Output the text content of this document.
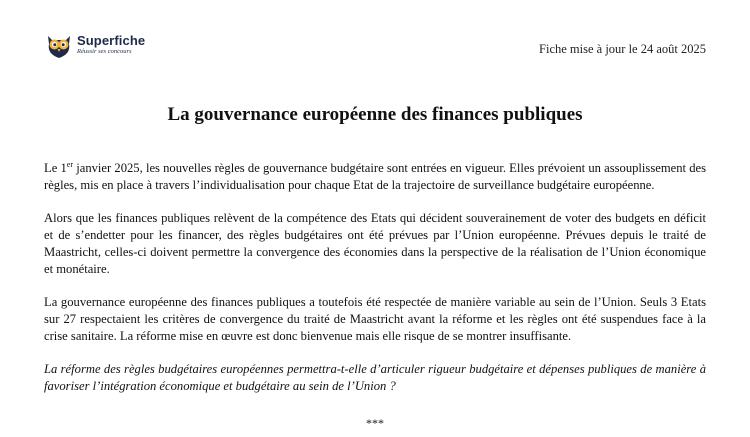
Superfiche
Réussir ses concours	Fiche mise à jour le 24 août 2025
La gouvernance européenne des finances publiques

Le 1er janvier 2025, les nouvelles règles de gouvernance budgétaire sont entrées en vigueur. Elles prévoient un assouplissement des règles, mis en place à travers l’individualisation pour chaque Etat de la trajectoire de surveillance budgétaire européenne.

Alors que les finances publiques relèvent de la compétence des Etats qui décident souverainement de voter des budgets en déficit et de s’endetter pour les financer, des règles budgétaires ont été prévues par l’Union européenne. Prévues depuis le traité de Maastricht, celles-ci doivent permettre la convergence des économies dans la perspective de la réalisation de l’Union économique et monétaire.

La gouvernance européenne des finances publiques a toutefois été respectée de manière variable au sein de l’Union. Seuls 3 Etats sur 27 respectaient les critères de convergence du traité de Maastricht avant la réforme et les règles ont été suspendues face à la crise sanitaire. La réforme mise en œuvre est donc bienvenue mais elle risque de se montrer insuffisante.

La réforme des règles budgétaires européennes permettra-t-elle d’articuler rigueur budgétaire et dépenses publiques de manière à favoriser l’intégration économique et budgétaire au sein de l’Union ?

***
